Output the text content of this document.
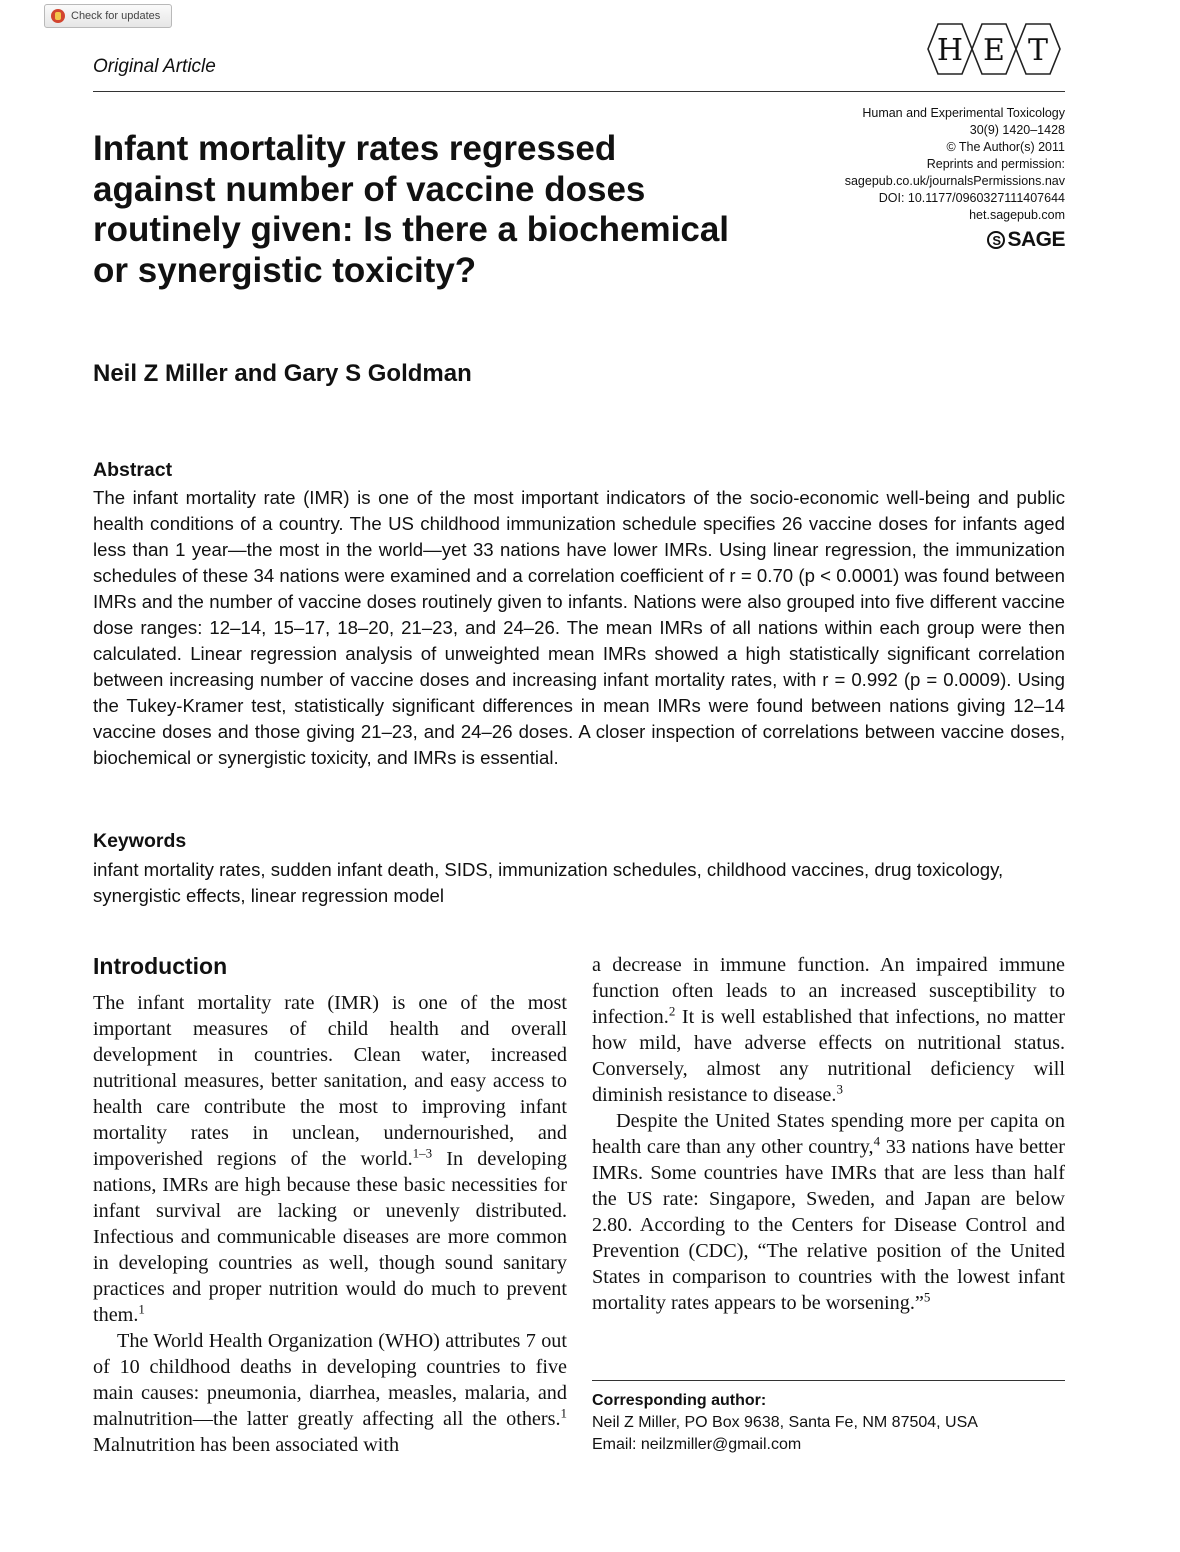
Check for updates
Original Article	H E T
Human and Experimental Toxicology
30(9) 1420–1428
© The Author(s) 2011
Reprints and permission:
sagepub.co.uk/journalsPermissions.nav
DOI: 10.1177/0960327111407644
het.sagepub.com
S SAGE
Infant mortality rates regressed against number of vaccine doses routinely given: Is there a biochemical or synergistic toxicity?
Neil Z Miller and Gary S Goldman
Abstract

The infant mortality rate (IMR) is one of the most important indicators of the socio-economic well-being and public health conditions of a country. The US childhood immunization schedule specifies 26 vaccine doses for infants aged less than 1 year—the most in the world—yet 33 nations have lower IMRs. Using linear regression, the immunization schedules of these 34 nations were examined and a correlation coefficient of r = 0.70 (p < 0.0001) was found between IMRs and the number of vaccine doses routinely given to infants. Nations were also grouped into five different vaccine dose ranges: 12–14, 15–17, 18–20, 21–23, and 24–26. The mean IMRs of all nations within each group were then calculated. Linear regression analysis of unweighted mean IMRs showed a high statistically significant correlation between increasing number of vaccine doses and increasing infant mortality rates, with r = 0.992 (p = 0.0009). Using the Tukey-Kramer test, statistically significant differences in mean IMRs were found between nations giving 12–14 vaccine doses and those giving 21–23, and 24–26 doses. A closer inspection of correlations between vaccine doses, biochemical or synergistic toxicity, and IMRs is essential.

Keywords

infant mortality rates, sudden infant death, SIDS, immunization schedules, childhood vaccines, drug toxicology, synergistic effects, linear regression model

Introduction

The infant mortality rate (IMR) is one of the most important measures of child health and overall development in countries. Clean water, increased nutritional measures, better sanitation, and easy access to health care contribute the most to improving infant mortality rates in unclean, undernourished, and impoverished regions of the world.$^{1-3}$ In developing nations, IMRs are high because these basic necessities for infant survival are lacking or unevenly distributed. Infectious and communicable diseases are more common in developing countries as well, though sound sanitary practices and proper nutrition would do much to prevent them.$^1$

The World Health Organization (WHO) attributes 7 out of 10 childhood deaths in developing countries to five main causes: pneumonia, diarrhea, measles, malaria, and malnutrition—the latter greatly affecting all the others.$^1$ Malnutrition has been associated with

a decrease in immune function. An impaired immune function often leads to an increased susceptibility to infection.$^2$ It is well established that infections, no matter how mild, have adverse effects on nutritional status. Conversely, almost any nutritional deficiency will diminish resistance to disease.$^3$

Despite the United States spending more per capita on health care than any other country,$^4$ 33 nations have better IMRs. Some countries have IMRs that are less than half the US rate: Singapore, Sweden, and Japan are below 2.80. According to the Centers for Disease Control and Prevention (CDC), “The relative position of the United States in comparison to countries with the lowest infant mortality rates appears to be worsening.”$^5$

Corresponding author:
Neil Z Miller, PO Box 9638, Santa Fe, NM 87504, USA
Email: neilzmiller@gmail.com
